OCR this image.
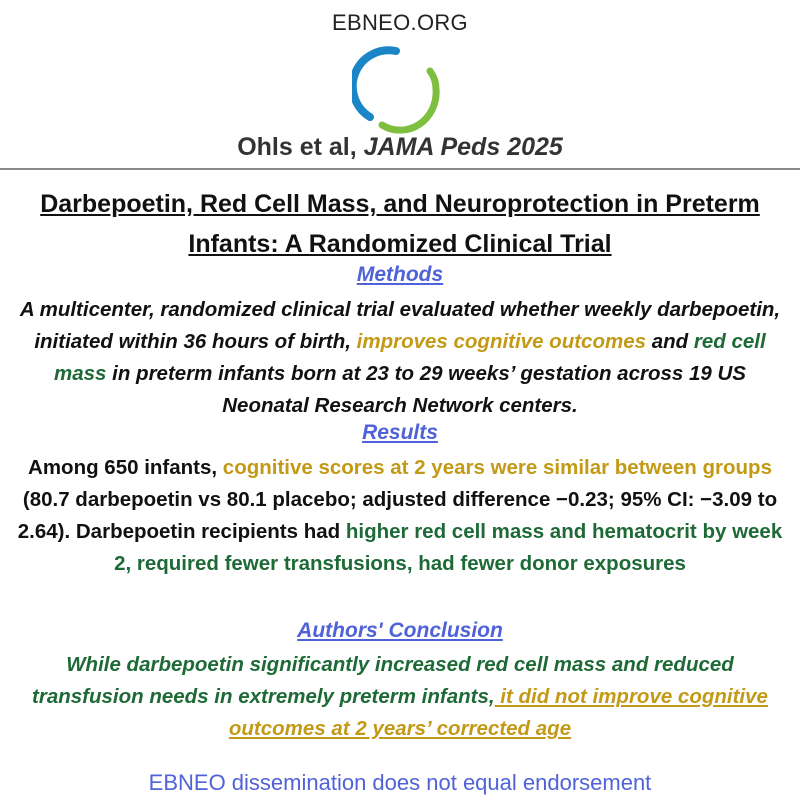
EBNEO.ORG
Ohls et al, JAMA Peds 2025
Darbepoetin, Red Cell Mass, and Neuroprotection in Preterm Infants: A Randomized Clinical Trial
Methods
A multicenter, randomized clinical trial evaluated whether weekly darbepoetin, initiated within 36 hours of birth, improves cognitive outcomes and red cell mass in preterm infants born at 23 to 29 weeks’ gestation across 19 US Neonatal Research Network centers.
Results
Among 650 infants, cognitive scores at 2 years were similar between groups (80.7 darbepoetin vs 80.1 placebo; adjusted difference −0.23; 95% CI: −3.09 to 2.64). Darbepoetin recipients had higher red cell mass and hematocrit by week 2, required fewer transfusions, had fewer donor exposures
Authors' Conclusion
While darbepoetin significantly increased red cell mass and reduced transfusion needs in extremely preterm infants, it did not improve cognitive outcomes at 2 years’ corrected age
EBNEO dissemination does not equal endorsement
